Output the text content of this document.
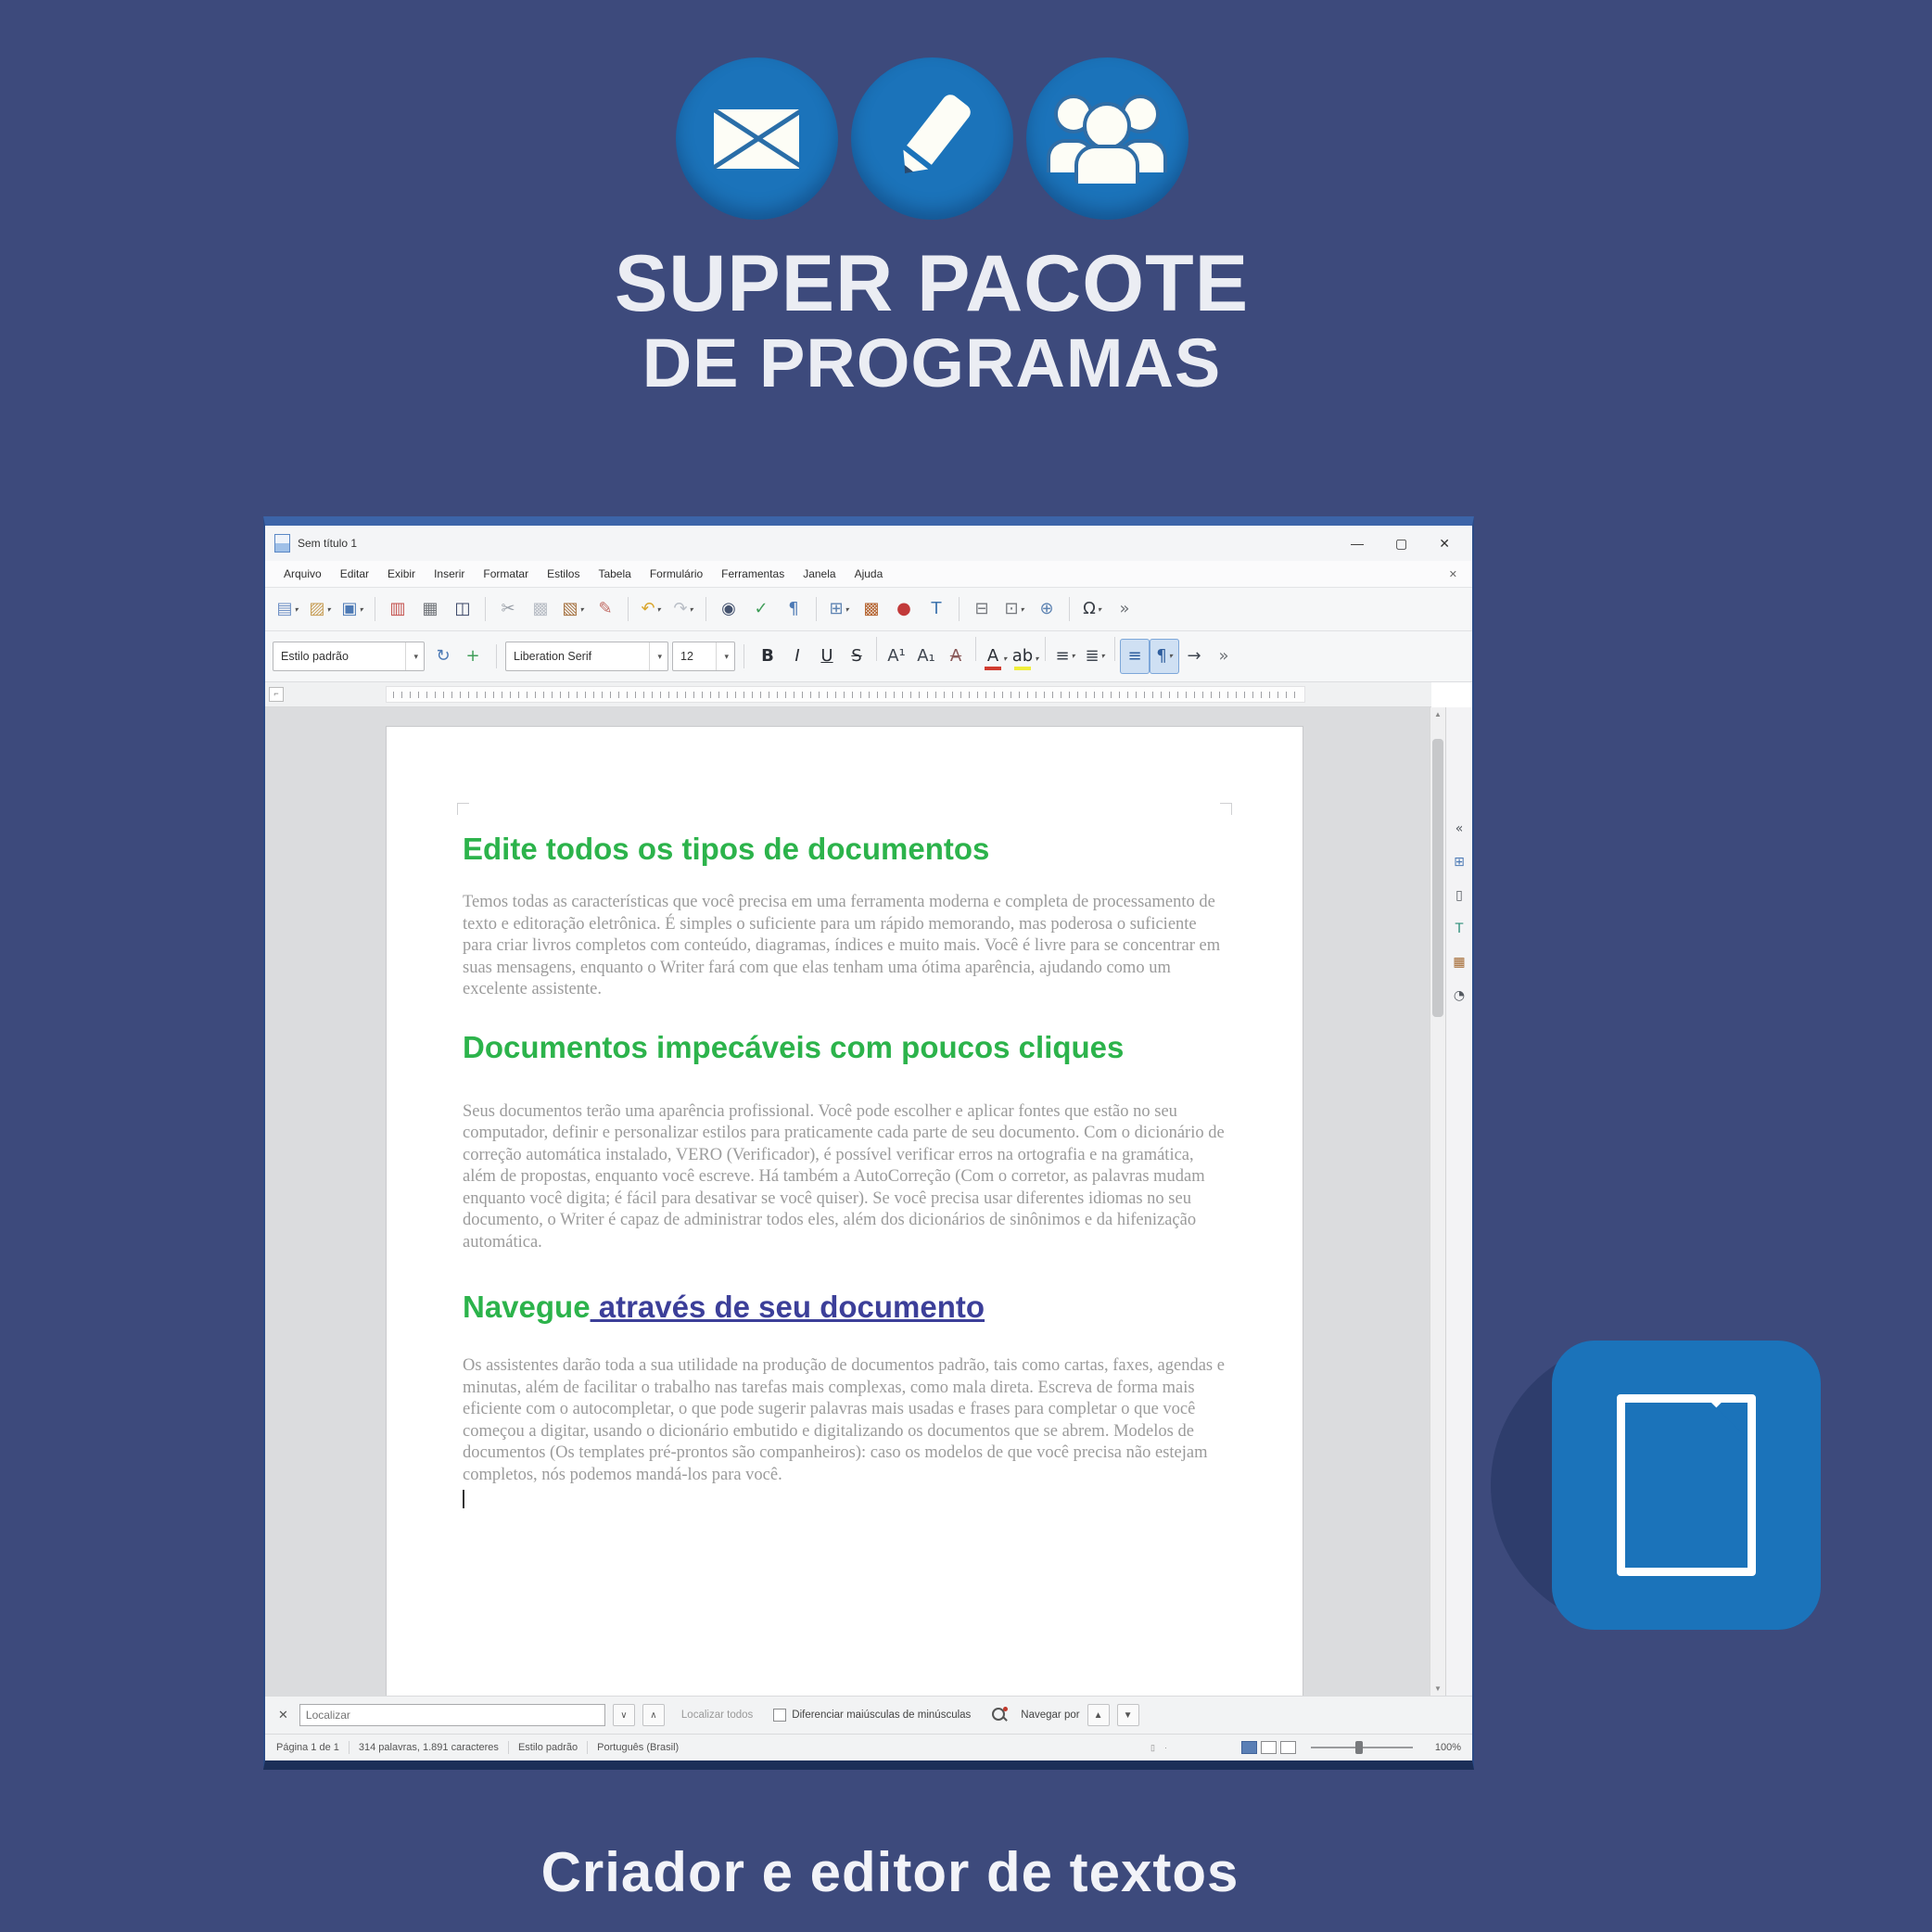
SUPER PACOTE
DE PROGRAMAS
Sem título 1	— ▢ ✕
Arquivo	Editar	Exibir	Inserir	Formatar	Estilos	Tabela	Formulário	Ferramentas	Janela	Ajuda	✕
▤ ▾ ▨ ▾ ▣ ▾ ▥ ▦ ◫ ✂ ▩ ▧ ▾ ✎ ↶ ▾ ↷ ▾ ◉ ✓ ¶ ⊞ ▾ ▩ ● T ⊟ ⊡ ▾ ⊕ Ω ▾ »
Estilo padrão	▾ ↻ +	Liberation Serif	▾ 12	▾ B I U S A¹ A₁ A A ▾ ab ▾ ≡ ▾ ≣ ▾ ≡ ¶ ▾ → »
⌐
Edite todos os tipos de documentos

Temos todas as características que você precisa em uma ferramenta moderna e completa de processamento de texto e editoração eletrônica. É simples o suficiente para um rápido memorando, mas poderosa o suficiente para criar livros completos com conteúdo, diagramas, índices e muito mais. Você é livre para se concentrar em suas mensagens, enquanto o Writer fará com que elas tenham uma ótima aparência, ajudando como um excelente assistente.

Documentos impecáveis com poucos cliques

Seus documentos terão uma aparência profissional. Você pode escolher e aplicar fontes que estão no seu computador, definir e personalizar estilos para praticamente cada parte de seu documento. Com o dicionário de correção automática instalado, VERO (Verificador), é possível verificar erros na ortografia e na gramática, além de propostas, enquanto você escreve. Há também a AutoCorreção (Com o corretor, as palavras mudam enquanto você digita; é fácil para desativar se você quiser). Se você precisa usar diferentes idiomas no seu documento, o Writer é capaz de administrar todos eles, além dos dicionários de sinônimos e da hifenização automática.

Navegue através de seu documento

Os assistentes darão toda a sua utilidade na produção de documentos padrão, tais como cartas, faxes, agendas e minutas, além de facilitar o trabalho nas tarefas mais complexas, como mala direta. Escreva de forma mais eficiente com o autocompletar, o que pode sugerir palavras mais usadas e frases para completar o que você começou a digitar, usando o dicionário embutido e digitalizando os documentos que se abrem. Modelos de documentos (Os templates pré-prontos são companheiros): caso os modelos de que você precisa não estejam completos, nós podemos mandá-los para você.

▲
▼
«
⊞
▯
T
▦
◔
✕
Localizar	∨	∧	Localizar todos	Diferenciar maiúsculas de minúsculas	Navegar por	▲	▼
Página 1 de 1 314 palavras, 1.891 caracteres Estilo padrão Português (Brasil)	▯ ·	100%
Criador e editor de textos
